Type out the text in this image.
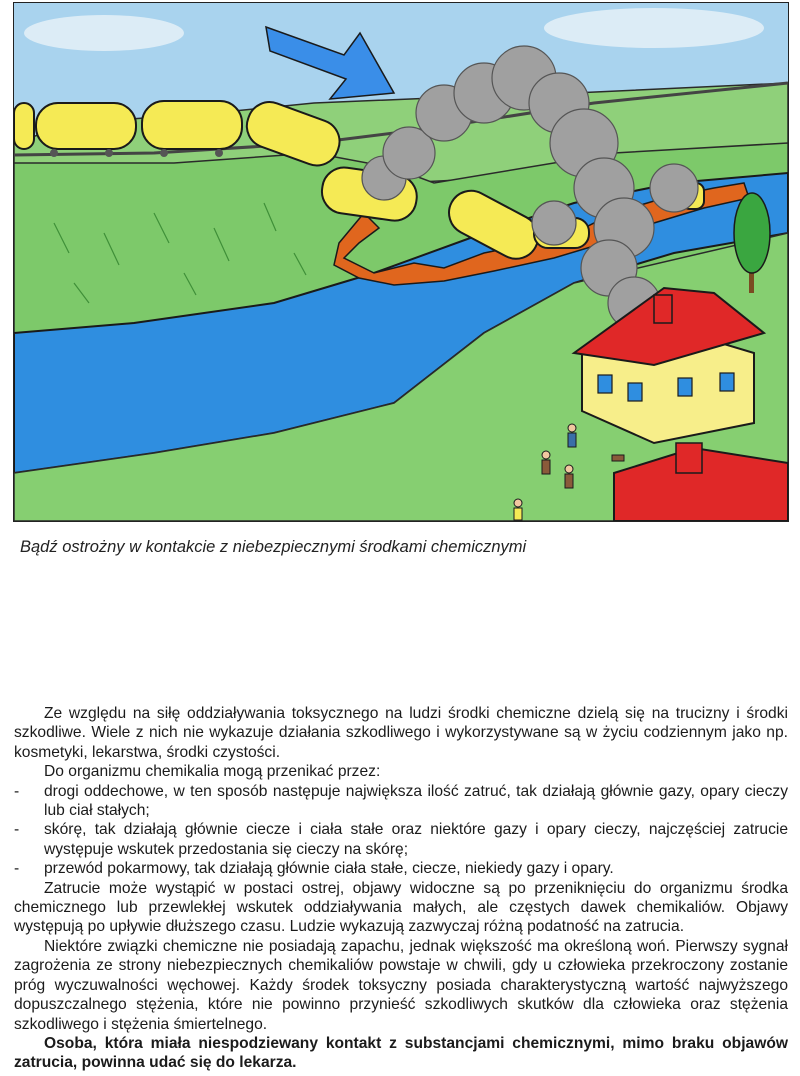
Bądź ostrożny w kontakcie z niebezpiecznymi środkami chemicznymi

Ze względu na siłę oddziaływania toksycznego na ludzi środki chemiczne dzielą się na trucizny i środki szkodliwe. Wiele z nich nie wykazuje działania szkodliwego i wykorzystywane są w życiu codziennym jako np. kosmetyki, lekarstwa, środki czystości.

Do organizmu chemikalia mogą przenikać przez:

- drogi oddechowe, w ten sposób następuje największa ilość zatruć, tak działają głównie gazy, opary cieczy lub ciał stałych;
- skórę, tak działają głównie ciecze i ciała stałe oraz niektóre gazy i opary cieczy, najczęściej zatrucie występuje wskutek przedostania się cieczy na skórę;
- przewód pokarmowy, tak działają głównie ciała stałe, ciecze, niekiedy gazy i opary.

Zatrucie może wystąpić w postaci ostrej, objawy widoczne są po przeniknięciu do organizmu środka chemicznego lub przewlekłej wskutek oddziaływania małych, ale częstych dawek chemikaliów. Objawy występują po upływie dłuższego czasu. Ludzie wykazują zazwyczaj różną podatność na zatrucia.

Niektóre związki chemiczne nie posiadają zapachu, jednak większość ma określoną woń. Pierwszy sygnał zagrożenia ze strony niebezpiecznych chemikaliów powstaje w chwili, gdy u człowieka przekroczony zostanie próg wyczuwalności węchowej. Każdy środek toksyczny posiada charakterystyczną wartość najwyższego dopuszczalnego stężenia, które nie powinno przynieść szkodliwych skutków dla człowieka oraz stężenia szkodliwego i stężenia śmiertelnego.

Osoba, która miała niespodziewany kontakt z substancjami chemicznymi, mimo braku objawów zatrucia, powinna udać się do lekarza.
